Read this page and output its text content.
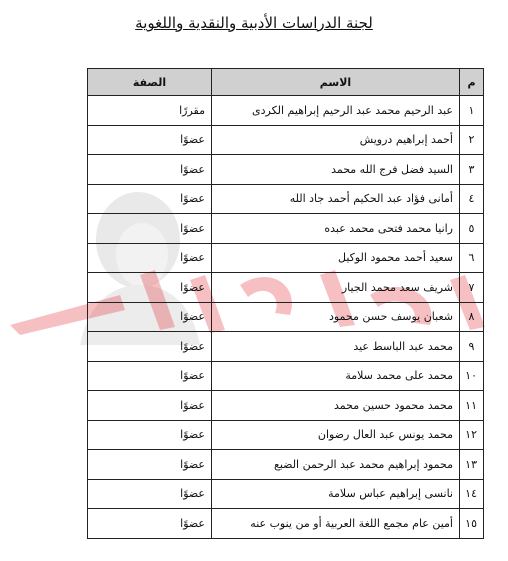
لجنة الدراسات الأدبية والنقدية واللغوية
م	الاسم	الصفة
١	عبد الرحيم محمد عبد الرحيم إبراهيم الكردى	مقررًا
٢	أحمد إبراهيم درويش	عضوًا
٣	السيد فضل فرج الله محمد	عضوًا
٤	أمانى فؤاد عبد الحكيم أحمد جاد الله	عضوًا
٥	رانيا محمد فتحى محمد عبده	عضوًا
٦	سعيد أحمد محمود الوكيل	عضوًا
٧	شريف سعد محمد الجيار	عضوًا
٨	شعبان يوسف حسن محمود	عضوًا
٩	محمد عبد الباسط عيد	عضوًا
١٠	محمد على محمد سلامة	عضوًا
١١	محمد محمود حسين محمد	عضوًا
١٢	محمد يونس عبد العال رضوان	عضوًا
١٣	محمود إبراهيم محمد عبد الرحمن الضبع	عضوًا
١٤	نانسى إبراهيم عباس سلامة	عضوًا
١٥	أمين عام مجمع اللغة العربية أو من ينوب عنه	عضوًا
